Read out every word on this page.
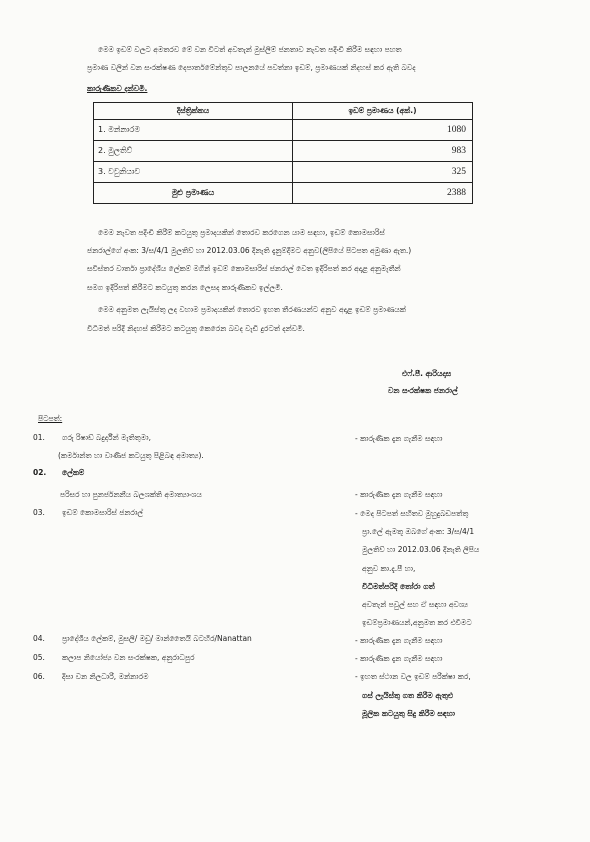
මෙම ඉඩම් වලට අමතරව මේ වන විටත් අවතැන් මුස්ලිම් ජනතාව නැවත පදිංචි කිරීම සඳහා පහත
ප්‍රමාණ වලින් වන සංරක්ෂණ දෙපාර්තමේන්තුව පාලනයේ පවත්නා ඉඩම්, ප්‍රමාණයක් නිදහස් කර ඇති බවද
කාරුණිකව දන්වමි.
දිස්ත්‍රික්කය	ඉඩම් ප්‍රමාණය (අක්.)
1. මන්නාරම	1080
2. මුලතිව්	983
3. වවුනියාව	325
මුළු ප්‍රමාණය	2388
මෙම නැවත පදිංචි කිරීම් කටයුතු ප්‍රමාදයකින් තොරව කරගෙන යාම සඳහා, ඉඩම් කොමසාරිස්
ජනරාල්ගේ අංක: 3/ස/4/1 මුලතිව් හා 2012.03.06 දිනැති දැනුම්දීමට අනුව(ලිපියේ පිටපත අමුණා ඇත.)
සවිස්තර වාර්තා ප්‍රාදේශීය ලේකම් මගින් ඉඩම් කොමසාරිස් ජනරාල් වෙත ඉදිරිපත් කර අදාළ අනුමැතීන්
සමග ඉදිරිපත් කිරීමට කටයුතු කරන ලෙසද කාරුණිකව ඉල්ලමි.
මෙම අනුමත ලැයිස්තු ලද වහාම ප්‍රමාදයකින් තොරව ඉහත තීරණයන්ට අනුව අදාළ ඉඩම් ප්‍රමාණයක්
විධිමත් පරිදි නිදහස් කිරීමට කටයුතු කෙරෙන බවද වැඩි දුරටත් දන්වමි.
එෆ්.පී. ආරියදාස
වන සංරක්ෂක ජනරාල්
පිටපත්:
01. ගරු රිෂාඩ් බදුර්දීන් මැතිතුමා,
(කර්මාන්ත හා වාණිජ කටයුතු පිළිබඳ අමාත්‍ය).
- කාරුණික දැන ගැනීම සඳහා
02. ලේකම්
පරිසර හා පුනර්ජනනීය බලශක්ති අමාත්‍යාංශය	- කාරුණික දැන ගැනීම සඳහා
03. ඉඩම් කොමසාරිස් ජනරාල්	- මෙද පිටපත් සහිතව මුහුදුබඩපත්තු
ප්‍රා.ලේ ඇමතූ ඔබගේ අංක: 3/ස/4/1
මුලතිව් හා 2012.03.06 දිනැති ලිපිය
අනුව කා.දැ.පී හා,
විධිමත්පරිදි තෝරා ගත්
අවතැන් පවුල් සහ ඒ සඳහා අවශ්‍ය
ඉඩම්ප්‍රමාණයන්,අනුමත කර එවීමට
04. ප්‍රාදේශීය ලේකම්, මුසලි/ මඩු/ මාන්තෛයි බටහිර/Nanattan	- කාරුණික දැන ගැනීම සඳහා
05. කලාප නියෝජ්‍ය වන සංරක්ෂක, අනුරාධපුර	- කාරුණික දැන ගැනීම සඳහා
06. දිසා වන නිලධාරී, මන්නාරම	- ඉහත ස්ථාන වල ඉඩම් පරීක්ෂා කර,
ගස් ලැයිස්තු ගත කිරීම ඇතුළු
මූලික කටයුතු සිදු කිරීම සඳහා
